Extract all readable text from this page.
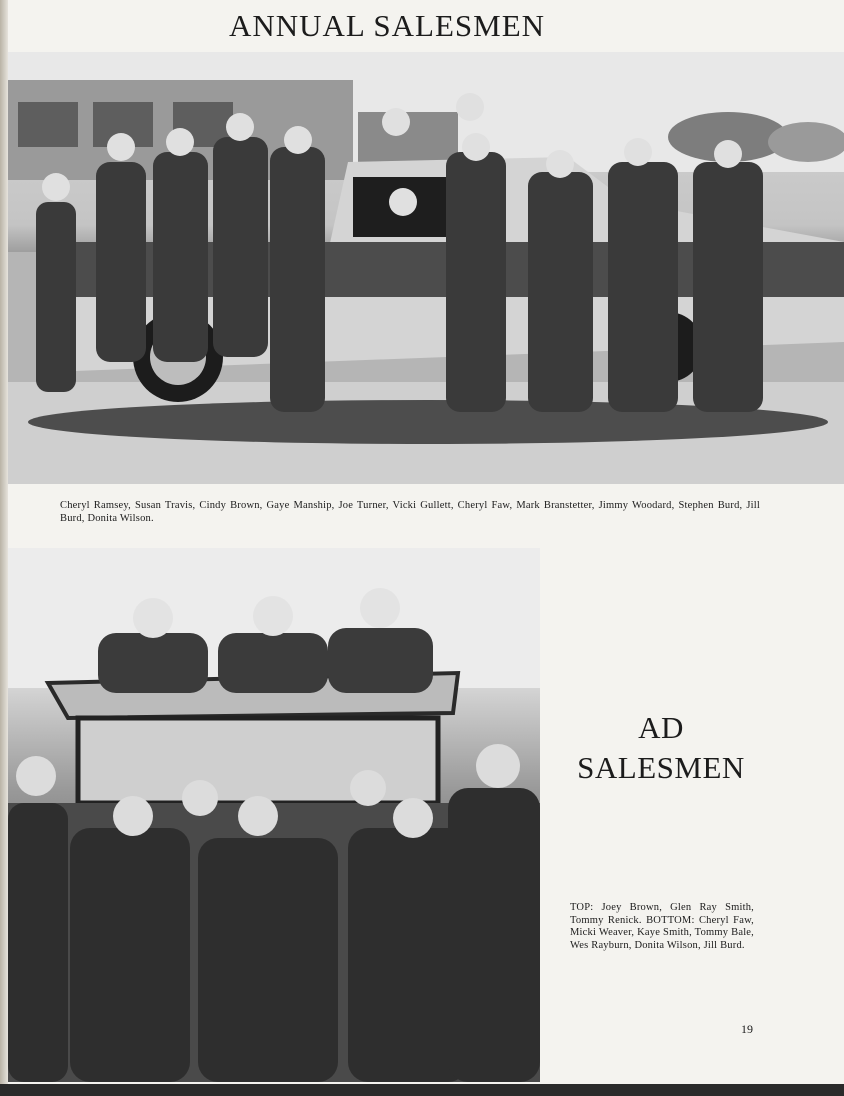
ANNUAL SALESMEN
Cheryl Ramsey, Susan Travis, Cindy Brown, Gaye Manship, Joe Turner, Vicki Gullett, Cheryl Faw, Mark Branstetter, Jimmy Woodard, Stephen Burd, Jill Burd, Donita Wilson.
AD
SALESMEN
TOP: Joey Brown, Glen Ray Smith, Tommy Renick. BOTTOM: Cheryl Faw, Micki Weaver, Kaye Smith, Tommy Bale, Wes Rayburn, Donita Wilson, Jill Burd.
19
